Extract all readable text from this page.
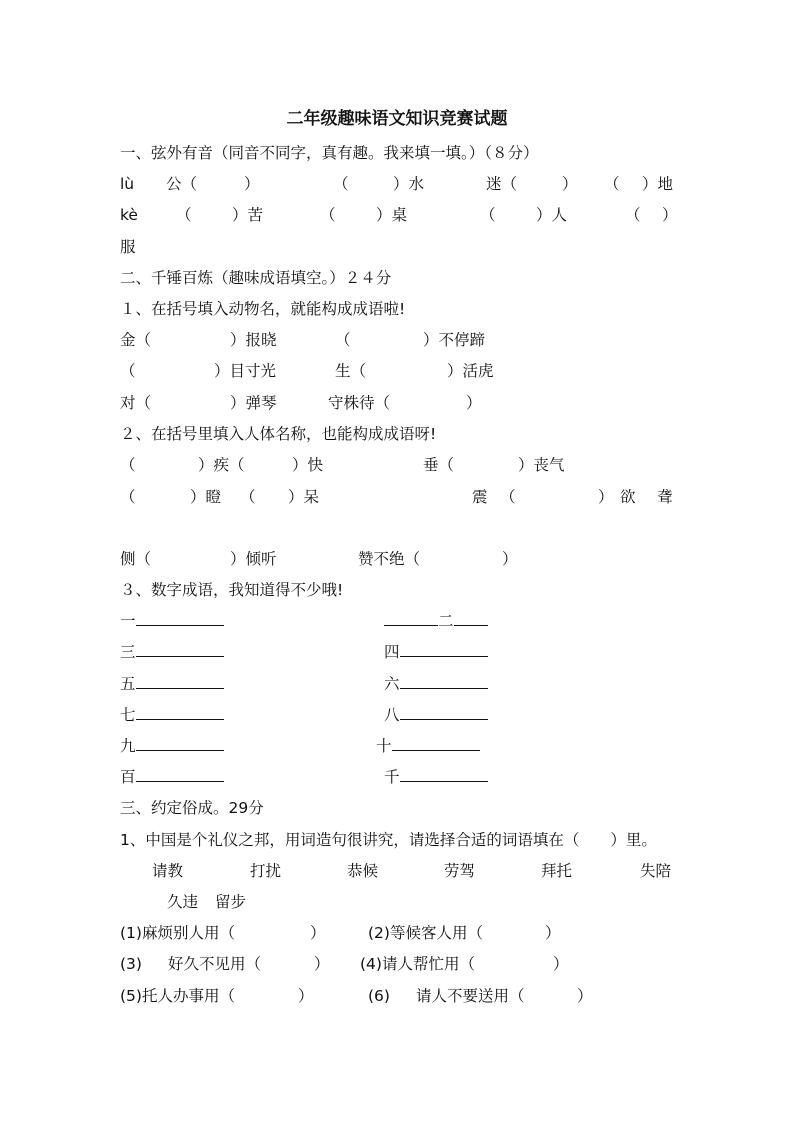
二年级趣味语文知识竞赛试题
一、弦外有音（同音不同字，真有趣。我来填一填。）（８分）
lù 公（	）	（	）水	迷（	） （ ）地
kè （	）苦	（	）桌	（	）人	（ ）
服
二、千锤百炼（趣味成语填空。）２４分
１、在括号填入动物名，就能构成成语啦!
金（	）报晓	（	）不停蹄
（	）目寸光	生（	）活虎
对（	）弹琴	守株待（	）
２、在括号里填入人体名称，也能构成成语呀!
（	）疾（	）快	垂（	）丧气
（	）瞪 （ ）呆	震 （	） 欲 聋
侧（	）倾听	赞不绝（	）
３、数字成语，我知道得不少哦!
一	二
三	四
五	六
七	八
九	十
百	千
三、约定俗成。29分
1、中国是个礼仪之邦，用词造句很讲究，请选择合适的词语填在（　　）里。
请教	打扰	恭候	劳驾	拜托	失陪
久违 留步
(1)麻烦别人用（	）	(2)等候客人用（	）
(3) 好久不见用（	） (4)请人帮忙用（	）
(5)托人办事用（	）	(6) 请人不要送用（	）
